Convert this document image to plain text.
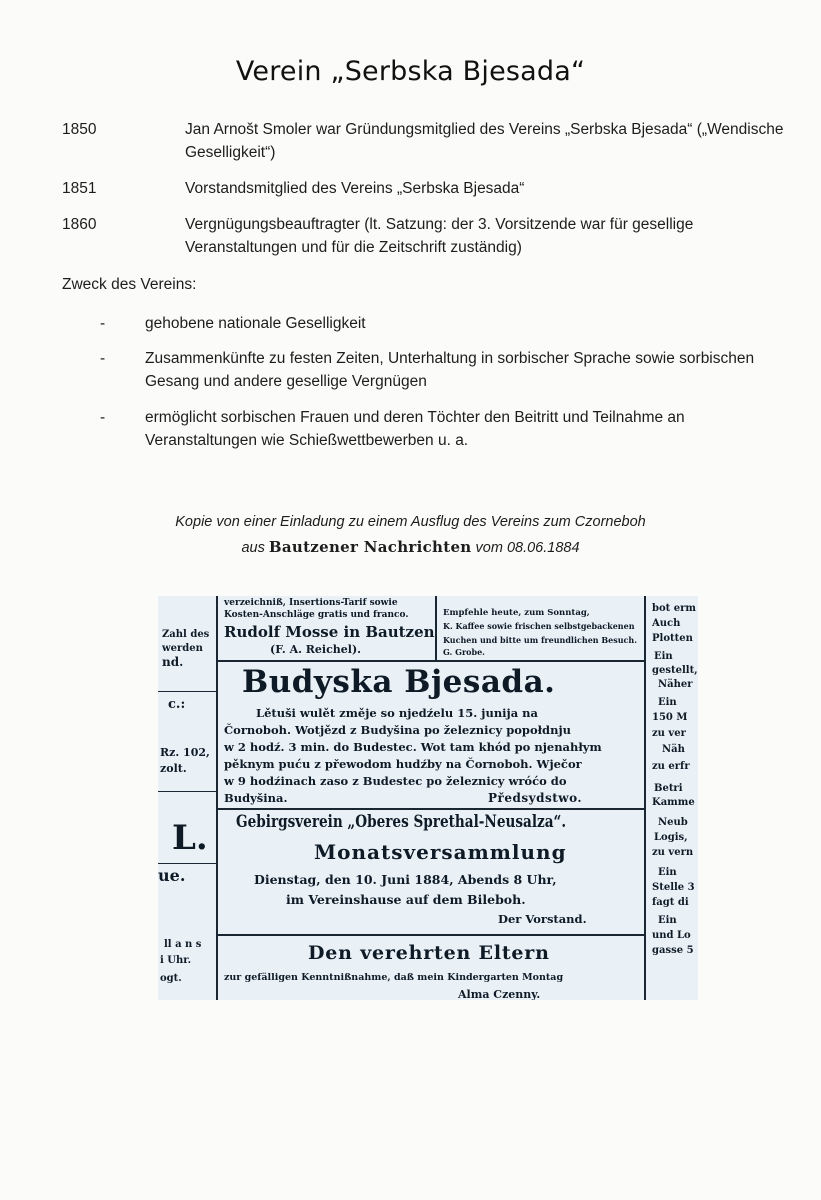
Verein „Serbska Bjesada“
1850	Jan Arnošt Smoler war Gründungsmitglied des Vereins „Serbska Bjesada“ („Wendische Geselligkeit“)
1851	Vorstandsmitglied des Vereins „Serbska Bjesada“
1860	Vergnügungsbeauftragter (lt. Satzung: der 3. Vorsitzende war für gesellige Veranstaltungen und für die Zeitschrift zuständig)
Zweck des Vereins:
-	gehobene nationale Geselligkeit
-	Zusammenkünfte zu festen Zeiten, Unterhaltung in sorbischer Sprache sowie sorbischen Gesang und andere gesellige Vergnügen
-	ermöglicht sorbischen Frauen und deren Töchter den Beitritt und Teilnahme an Veranstaltungen wie Schießwettbewerben u. a.
Kopie von einer Einladung zu einem Ausflug des Vereins zum Czorneboh
aus Bautzener Nachrichten vom 08.06.1884
verzeichniß, Insertions-Tarif sowie
Kosten-Anschläge gratis und franco.
Rudolf Mosse in Bautzen
(F. A. Reichel).
Empfehle heute, zum Sonntag,
K. Kaffee sowie frischen selbstgebackenen
Kuchen und bitte um freundlichen Besuch. G. Grobe.
Budyska Bjesada.
Lětuši wulět změje so njedźelu 15. junija na
Čornoboh. Wotjězd z Budyšina po železnicy popołdnju
w 2 hodź. 3 min. do Budestec. Wot tam khód po njenahłym
pěknym puću z přewodom hudźby na Čornoboh. Wječor
w 9 hodźinach zaso z Budestec po železnicy wróćo do
Budyšina.	Předsydstwo.
Gebirgsverein „Oberes Sprethal-Neusalza“.
Monatsversammlung
Dienstag, den 10. Juni 1884, Abends 8 Uhr,
im Vereinshause auf dem Bileboh.
Der Vorstand.
Den verehrten Eltern
zur gefälligen Kenntnißnahme, daß mein Kindergarten Montag
Alma Czenny.
Zahl des
werden
nd.
c.:
Rz. 102,
zolt.
L.
ue.
ll a n s
i Uhr.
ogt.
bot erm
Auch
Plotten
Ein
gestellt,
Näher
Ein
150 M
zu ver
Näh
zu erfr
Betri
Kamme
Neub
Logis,
zu vern
Ein
Stelle 3
fagt di
Ein
und Lo
gasse 5
